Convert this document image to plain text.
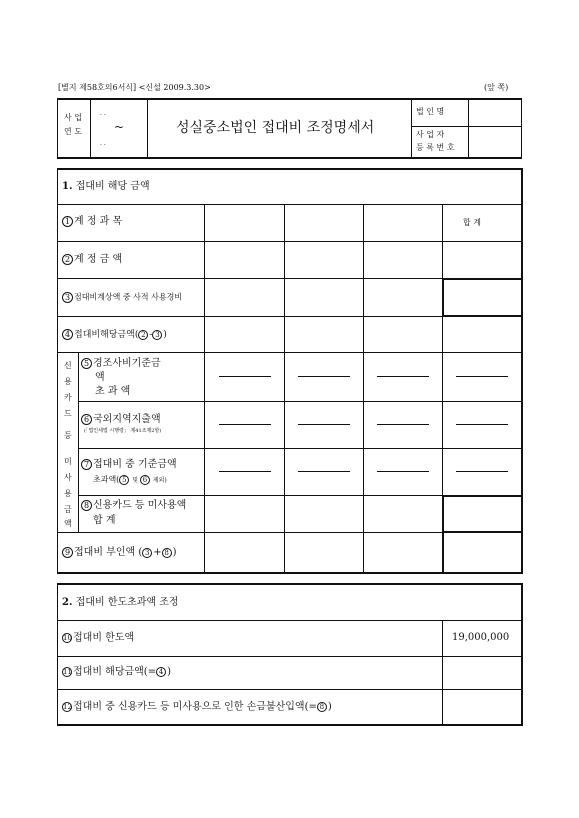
[별지 제58호의6서식] <신설 2009.3.30>	(앞 쪽)
사 업
연 도
. .
~
. .
성실중소법인 접대비 조정명세서
법 인 명
사 업 자
등 록 번 호
1. 접대비 해당 금액
1 계 정 과 목	합 계
2 계 정 금 액
3 접대비계상액 중 사적 사용경비
4 접대비해당금액( 2 - 3 )
신
용
카
드
등
미
사
용
금
액
5 경조사비기준금
액
초 과 액
6 국외지역지출액
(「법인세법 시행령」 제41조제2항)
7 접대비 중 기준금액
초과액( 5 및 6 제외)
8 신용카드 등 미사용액
합 계
9 접대비 부인액 ( 3 + 8 )
2. 접대비 한도초과액 조정
10접대비 한도액	19,000,000
11접대비 해당금액(= 4 )
12접대비 중 신용카드 등 미사용으로 인한 손금불산입액(= 8 )
